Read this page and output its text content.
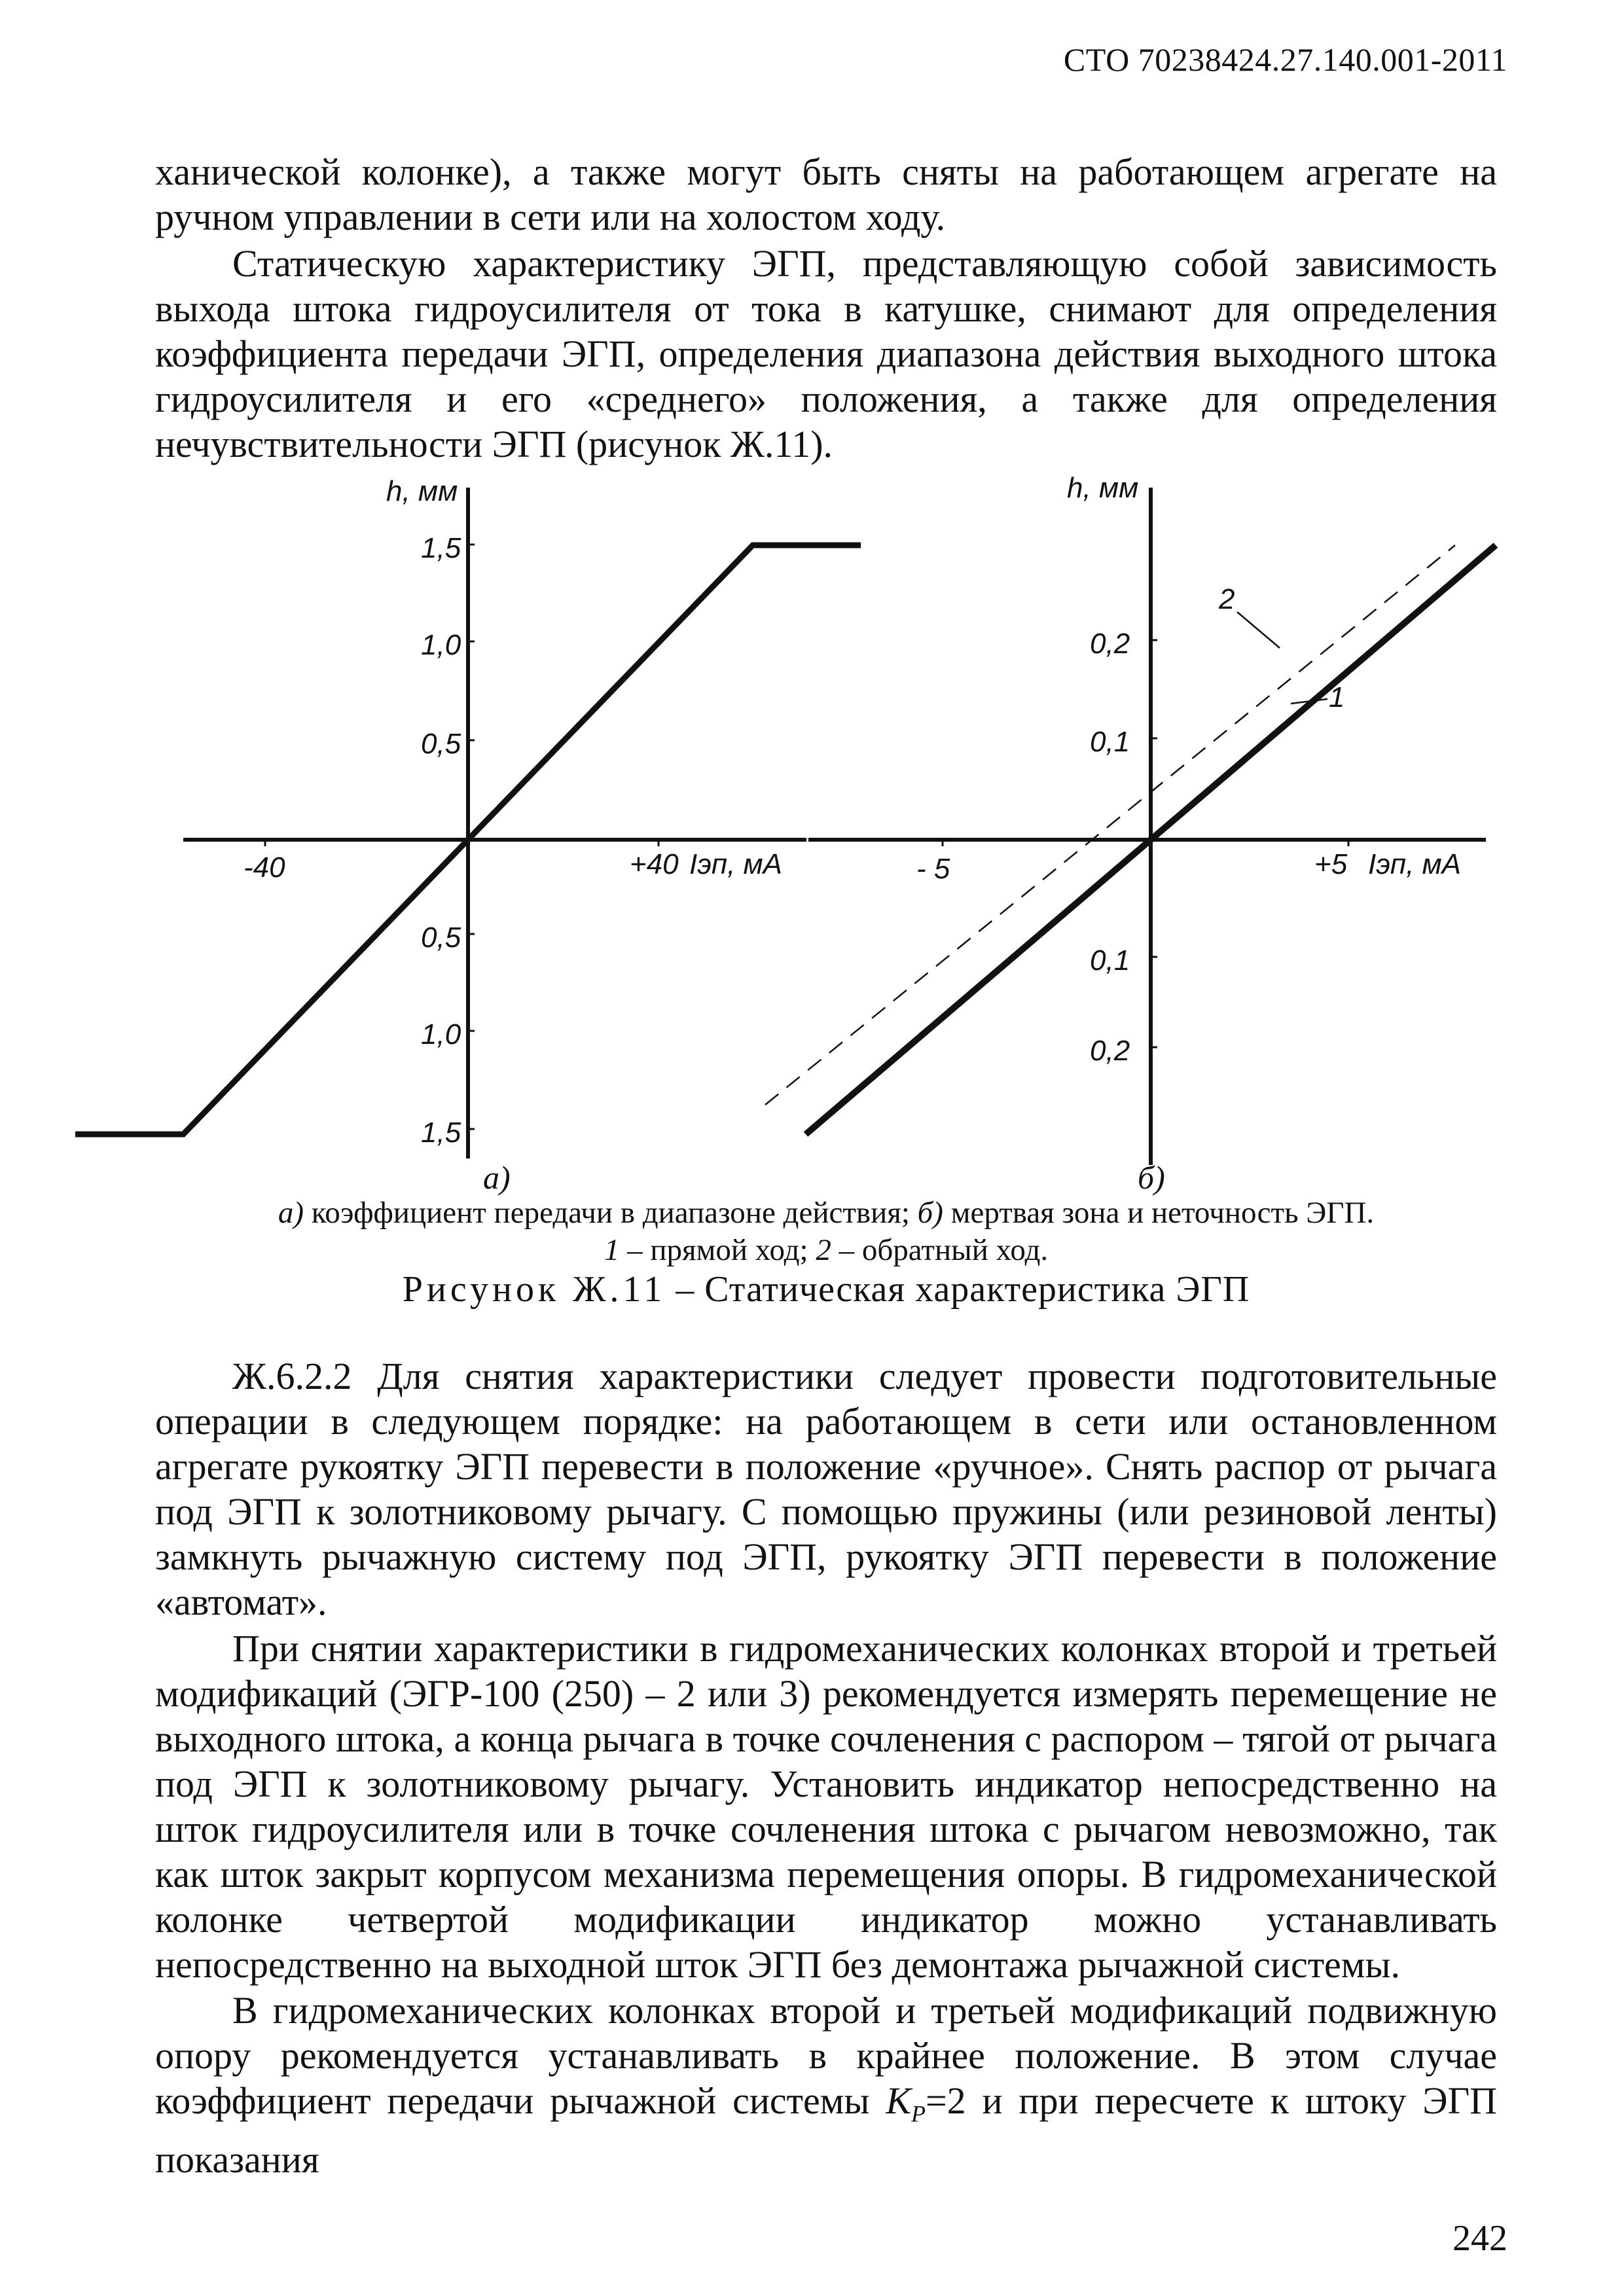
СТО 70238424.27.140.001-2011
ханической колонке), а также могут быть сняты на работающем агрегате на ручном управлении в сети или на холостом ходу.
Статическую характеристику ЭГП, представляющую собой зависимость выхода штока гидроусилителя от тока в катушке, снимают для определения коэффициента передачи ЭГП, определения диапазона действия выходного штока гидроусилителя и его «среднего» положения, а также для определения нечувствительности ЭГП (рисунок Ж.11).
h, мм
1,5
1,0
0,5
0,5
1,0
1,5
-40	+40 Iэп, мА
h, мм
0,2
0,1
0,1
0,2
- 5	+5 Iэп, мА
2
1
а)	б)
а) коэффициент передачи в диапазоне действия; б) мертвая зона и неточность ЭГП.
1 – прямой ход; 2 – обратный ход.
Рисунок Ж.11 – Статическая характеристика ЭГП
Ж.6.2.2 Для снятия характеристики следует провести подготовительные операции в следующем порядке: на работающем в сети или остановленном агрегате рукоятку ЭГП перевести в положение «ручное». Снять распор от рычага под ЭГП к золотниковому рычагу. С помощью пружины (или резиновой ленты) замкнуть рычажную систему под ЭГП, рукоятку ЭГП перевести в положение «автомат».
При снятии характеристики в гидромеханических колонках второй и третьей модификаций (ЭГР-100 (250) – 2 или 3) рекомендуется измерять перемещение не выходного штока, а конца рычага в точке сочленения с распором – тягой от рычага под ЭГП к золотниковому рычагу. Установить индикатор непосредственно на шток гидроусилителя или в точке сочленения штока с рычагом невозможно, так как шток закрыт корпусом механизма перемещения опоры. В гидромеханической колонке четвертой модификации индикатор можно устанавливать непосредственно на выходной шток ЭГП без демонтажа рычажной системы.
В гидромеханических колонках второй и третьей модификаций подвижную опору рекомендуется устанавливать в крайнее положение. В этом случае коэффициент передачи рычажной системы $K_P=2$ и при пересчете к штоку ЭГП показания
242
